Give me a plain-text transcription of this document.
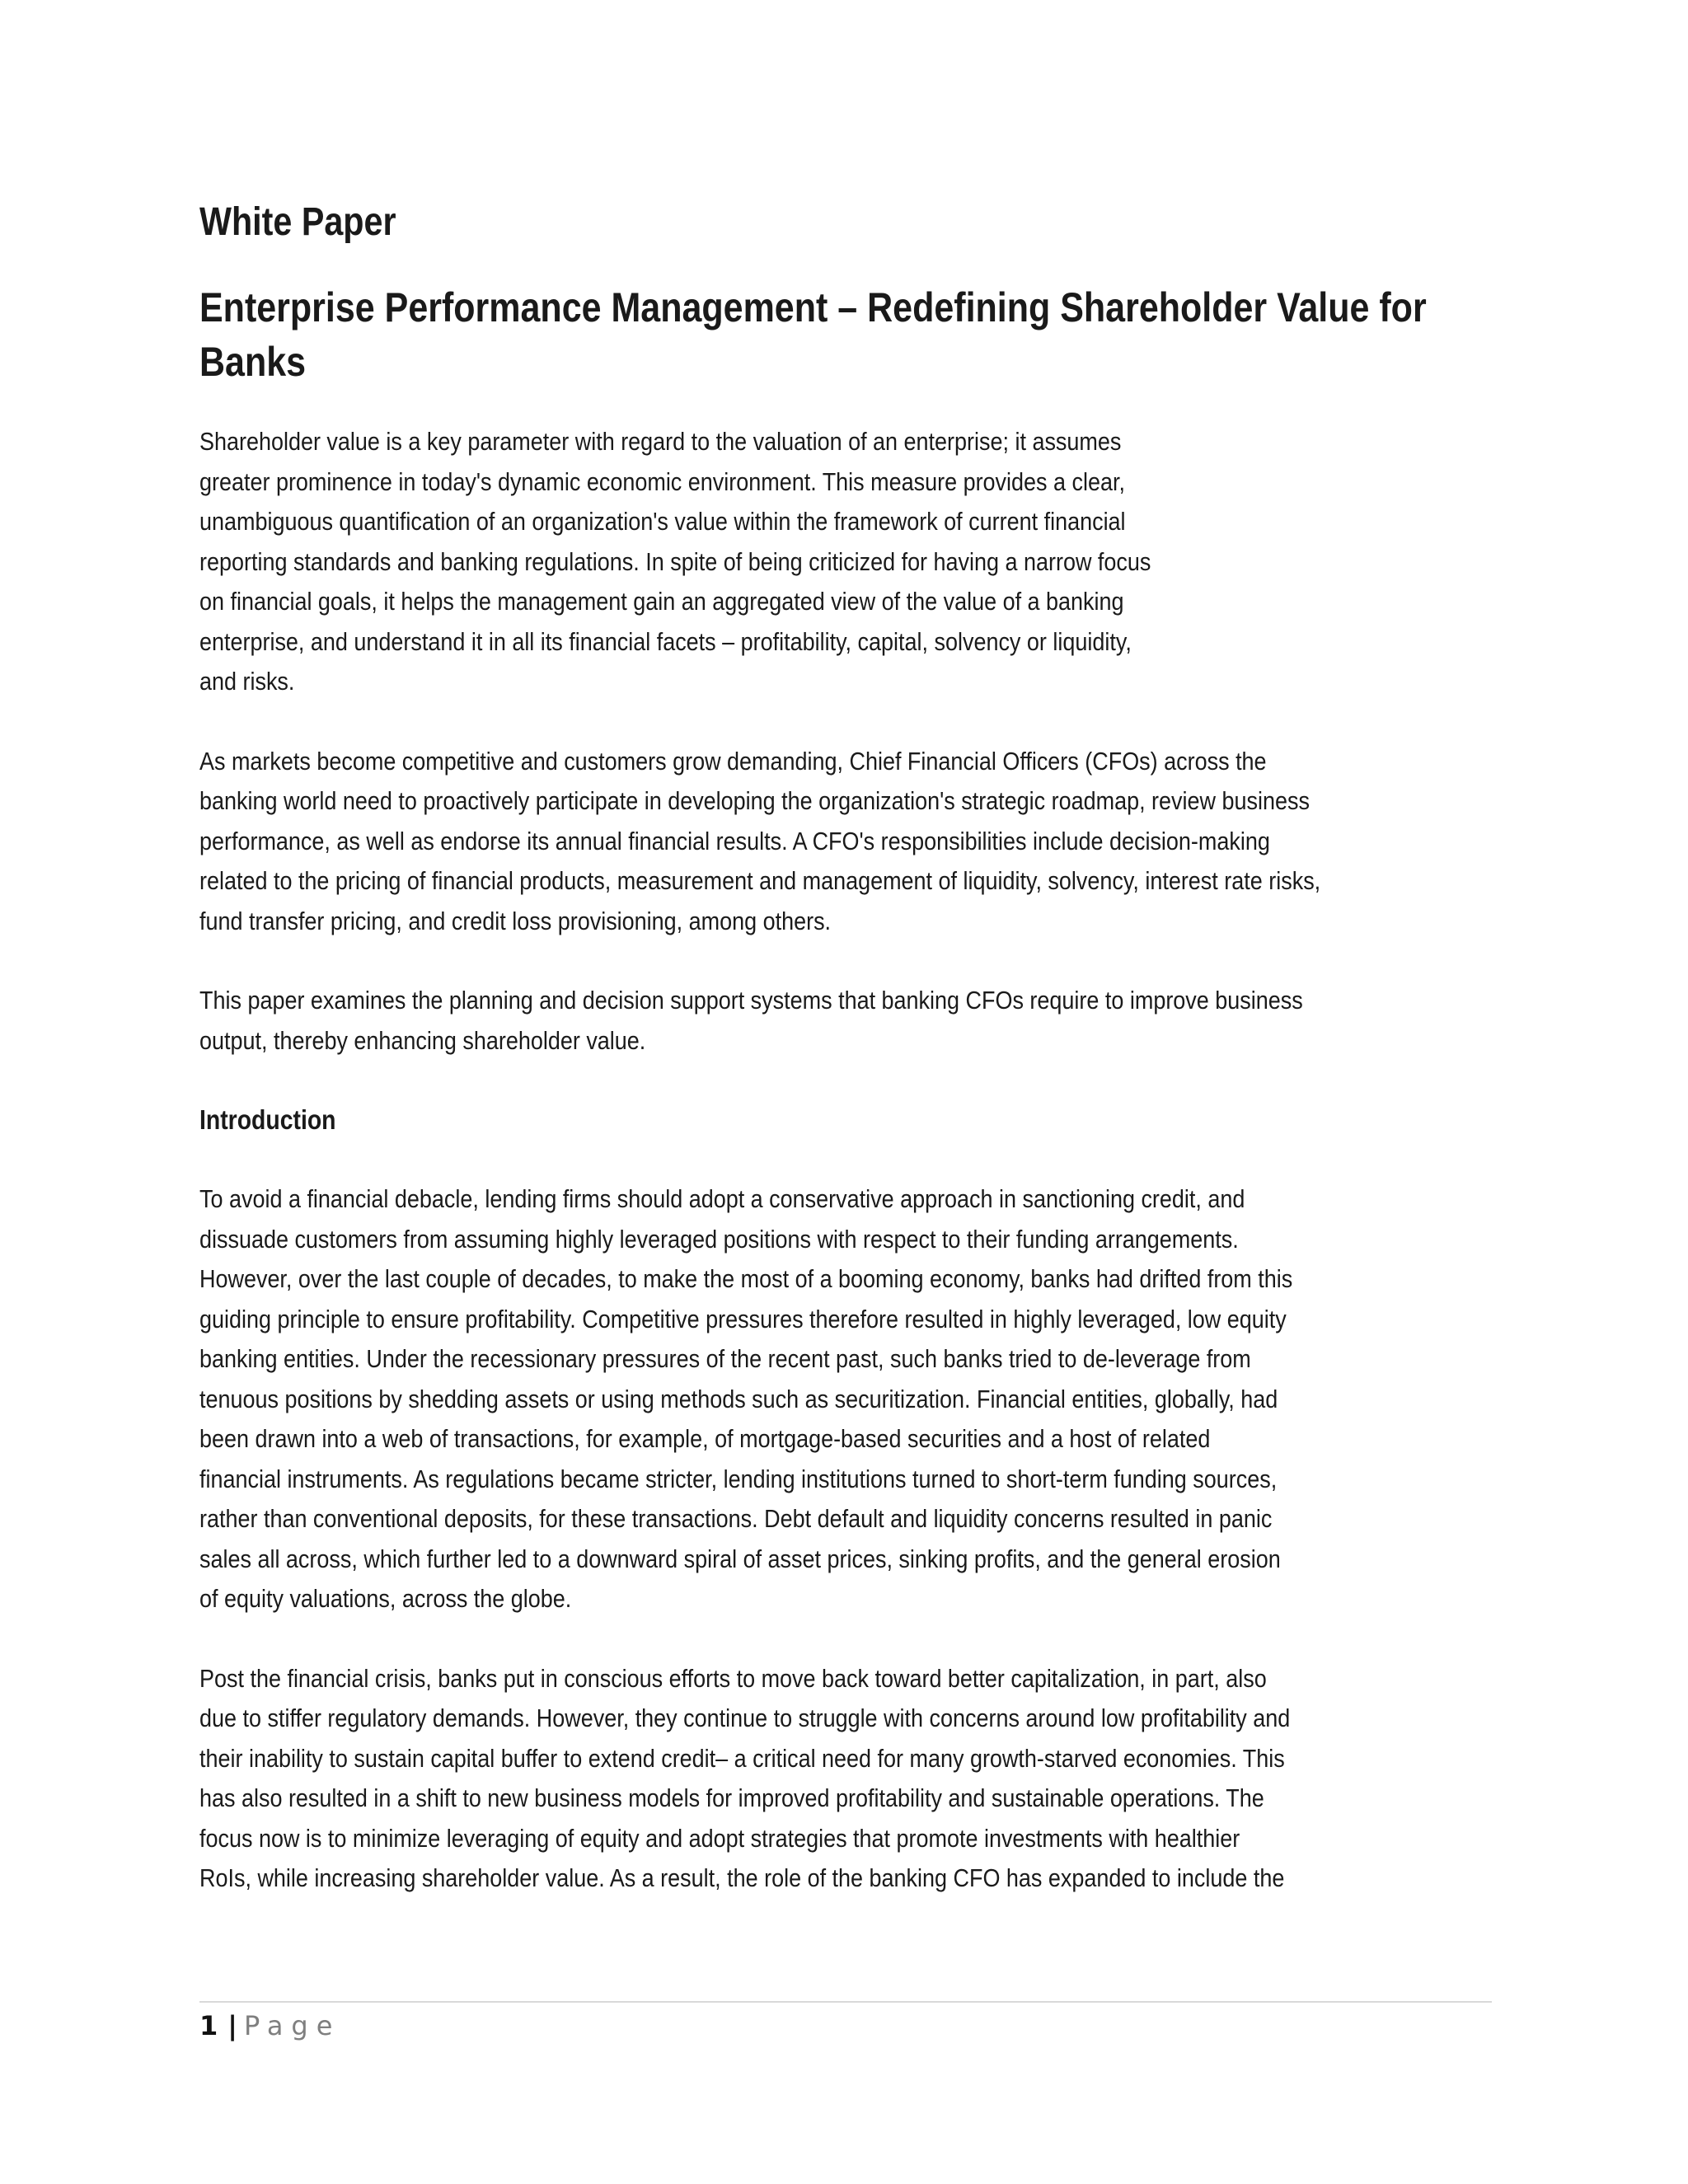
White Paper
Enterprise Performance Management – Redefining Shareholder Value for
Banks
Shareholder value is a key parameter with regard to the valuation of an enterprise; it assumes
greater prominence in today's dynamic economic environment. This measure provides a clear,
unambiguous quantification of an organization's value within the framework of current financial
reporting standards and banking regulations. In spite of being criticized for having a narrow focus
on financial goals, it helps the management gain an aggregated view of the value of a banking
enterprise, and understand it in all its financial facets – profitability, capital, solvency or liquidity,
and risks.
As markets become competitive and customers grow demanding, Chief Financial Officers (CFOs) across the
banking world need to proactively participate in developing the organization's strategic roadmap, review business
performance, as well as endorse its annual financial results. A CFO's responsibilities include decision-making
related to the pricing of financial products, measurement and management of liquidity, solvency, interest rate risks,
fund transfer pricing, and credit loss provisioning, among others.
This paper examines the planning and decision support systems that banking CFOs require to improve business
output, thereby enhancing shareholder value.
Introduction
To avoid a financial debacle, lending firms should adopt a conservative approach in sanctioning credit, and
dissuade customers from assuming highly leveraged positions with respect to their funding arrangements.
However, over the last couple of decades, to make the most of a booming economy, banks had drifted from this
guiding principle to ensure profitability. Competitive pressures therefore resulted in highly leveraged, low equity
banking entities. Under the recessionary pressures of the recent past, such banks tried to de-leverage from
tenuous positions by shedding assets or using methods such as securitization. Financial entities, globally, had
been drawn into a web of transactions, for example, of mortgage-based securities and a host of related
financial instruments. As regulations became stricter, lending institutions turned to short-term funding sources,
rather than conventional deposits, for these transactions. Debt default and liquidity concerns resulted in panic
sales all across, which further led to a downward spiral of asset prices, sinking profits, and the general erosion
of equity valuations, across the globe.
Post the financial crisis, banks put in conscious efforts to move back toward better capitalization, in part, also
due to stiffer regulatory demands. However, they continue to struggle with concerns around low profitability and
their inability to sustain capital buffer to extend credit– a critical need for many growth-starved economies. This
has also resulted in a shift to new business models for improved profitability and sustainable operations. The
focus now is to minimize leveraging of equity and adopt strategies that promote investments with healthier
RoIs, while increasing shareholder value. As a result, the role of the banking CFO has expanded to include the
1 | Page
